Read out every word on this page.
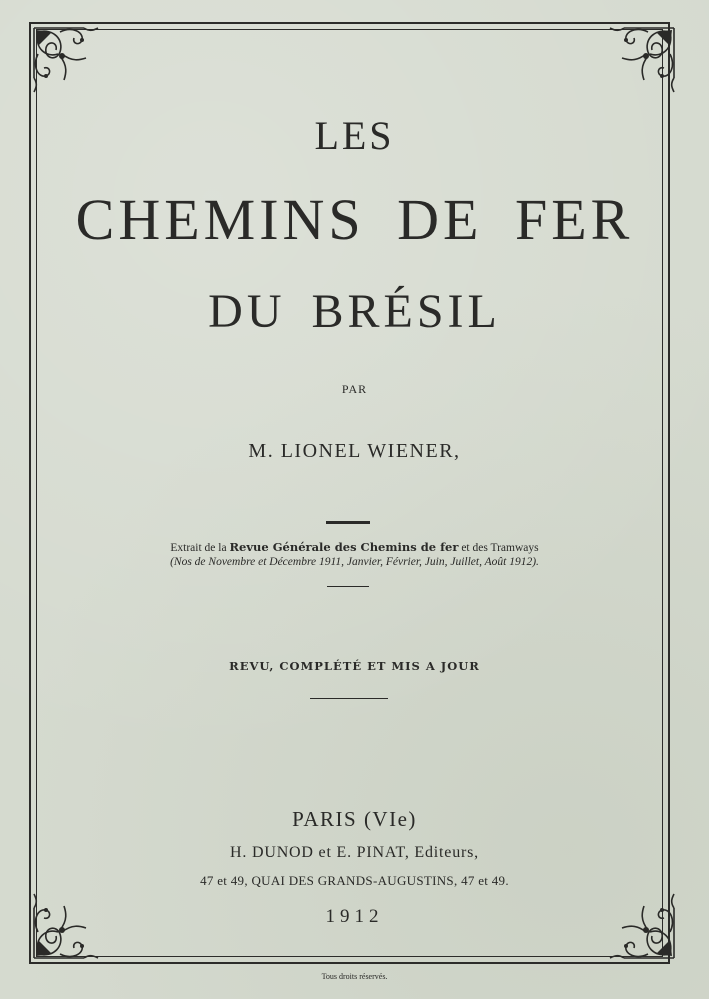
LES
CHEMINS DE FER
DU BRÉSIL
PAR
M. LIONEL WIENER,
Extrait de la Revue Générale des Chemins de fer et des Tramways
(Nos de Novembre et Décembre 1911, Janvier, Février, Juin, Juillet, Août 1912).
REVU, COMPLÉTÉ ET MIS A JOUR
PARIS (VIe)
H. DUNOD et E. PINAT, Editeurs,
47 et 49, QUAI DES GRANDS-AUGUSTINS, 47 et 49.
1912
Tous droits réservés.
